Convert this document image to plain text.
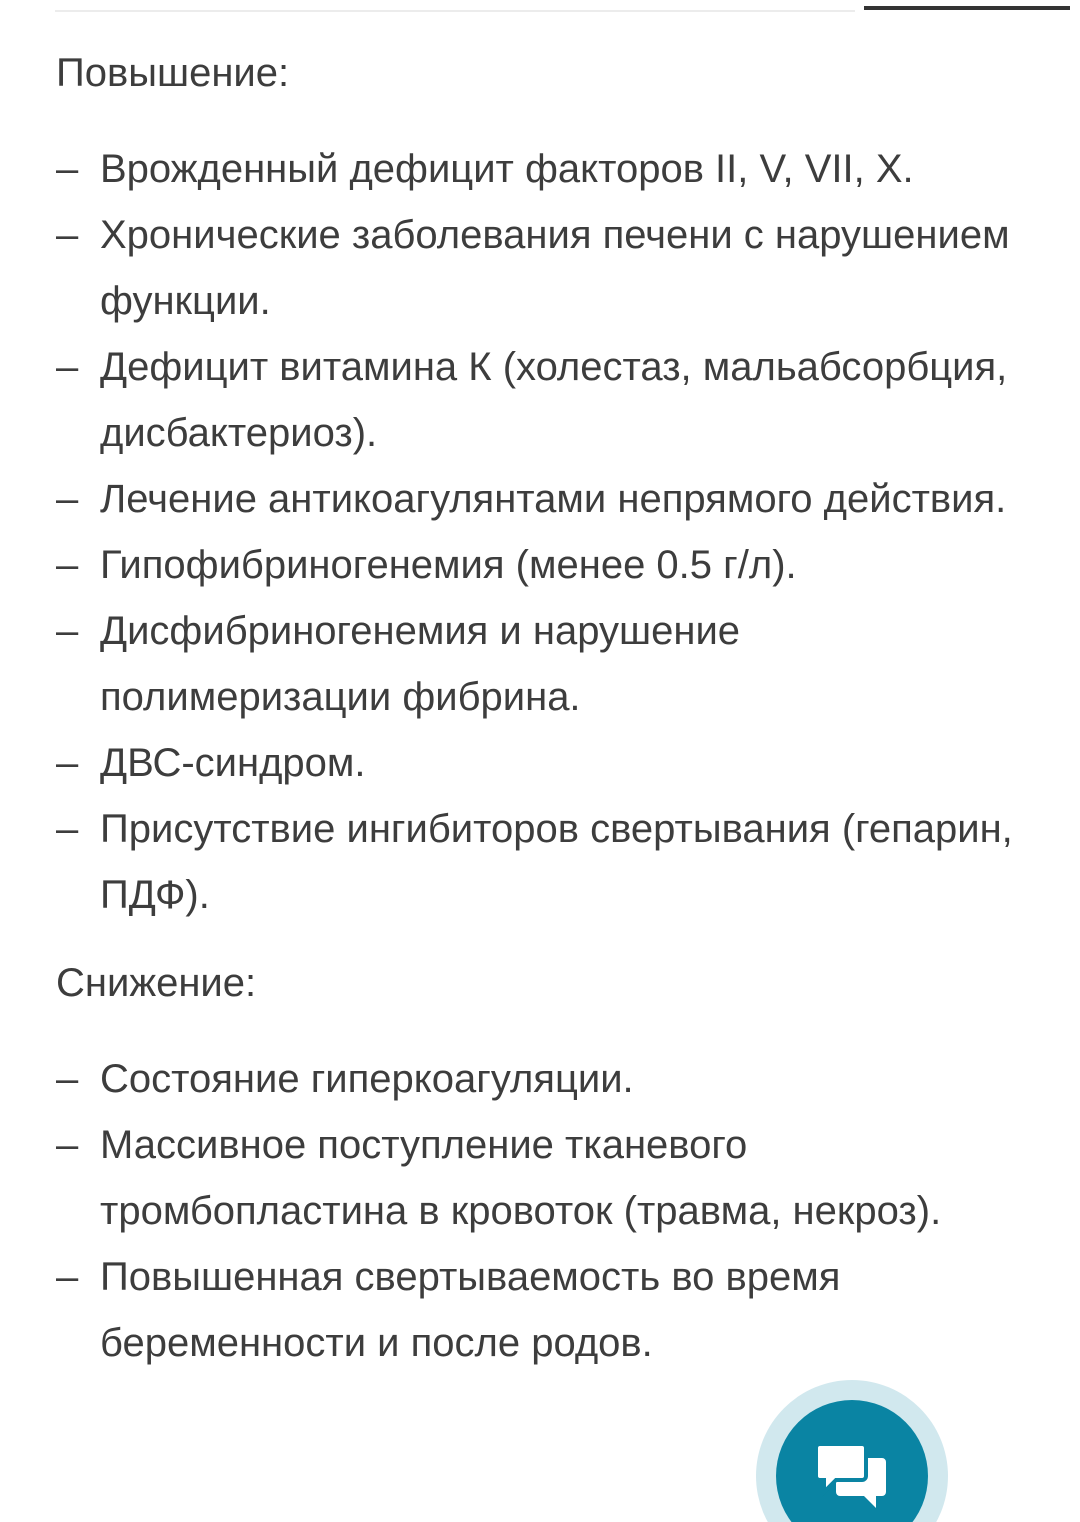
Повышение:
– Врожденный дефицит факторов II, V, VII, X.
– Хронические заболевания печени с нарушением функции.
– Дефицит витамина К (холестаз, мальабсорбция, дисбактериоз).
– Лечение антикоагулянтами непрямого действия.
– Гипофибриногенемия (менее 0.5 г/л).
– Дисфибриногенемия и нарушение полимеризации фибрина.
– ДВС-синдром.
– Присутствие ингибиторов свертывания (гепарин, ПДФ).
Снижение:
– Состояние гиперкоагуляции.
– Массивное поступление тканевого тромбопластина в кровоток (травма, некроз).
– Повышенная свертываемость во время беременности и после родов.
